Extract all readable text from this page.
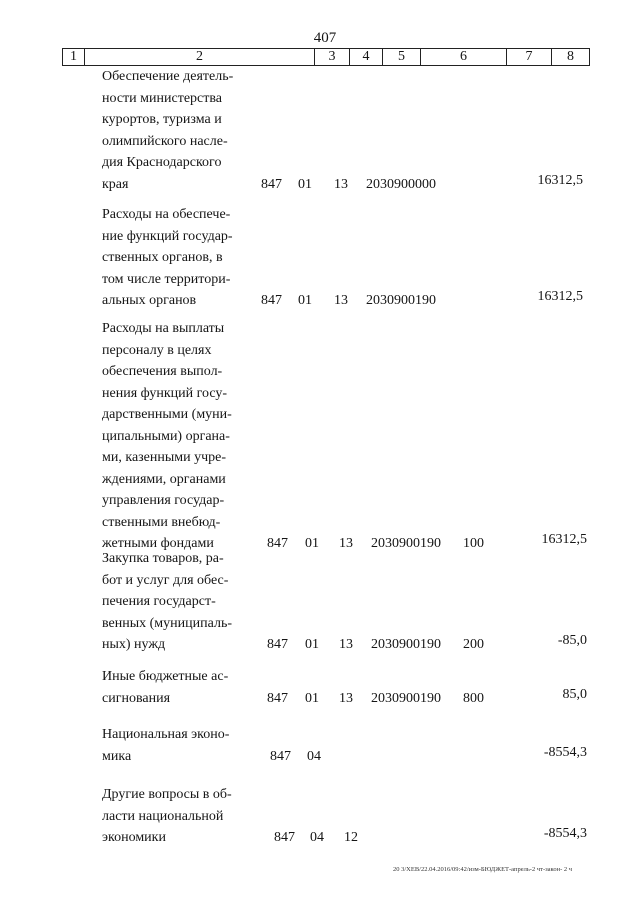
407
1	2	3	4	5	6	7	8
Обеспечение деятель-
ности министерства
курортов, туризма и
олимпийского насле-
дия Краснодарского
края	847 01 13 2030900000	16312,5
Расходы на обеспече-
ние функций государ-
ственных органов, в
том числе территори-
альных органов	847 01 13 2030900190	16312,5
Расходы на выплаты
персоналу в целях
обеспечения выпол-
нения функций госу-
дарственными (муни-
ципальными) органа-
ми, казенными учре-
ждениями, органами
управления государ-
ственными внебюд-
жетными фондами	847 01 13 2030900190 100	16312,5
Закупка товаров, ра-
бот и услуг для обес-
печения государст-
венных (муниципаль-
ных) нужд	847 01 13 2030900190 200	-85,0
Иные бюджетные ас-
сигнования	847 01 13 2030900190 800	85,0
Национальная эконо-
мика	847 04	-8554,3
Другие вопросы в об-
ласти национальной
экономики	847 04 12	-8554,3
20 3/ХЕВ/22.04.2016/09:42/изм-БЮДЖЕТ-апрель-2 чт-закон- 2 ч
